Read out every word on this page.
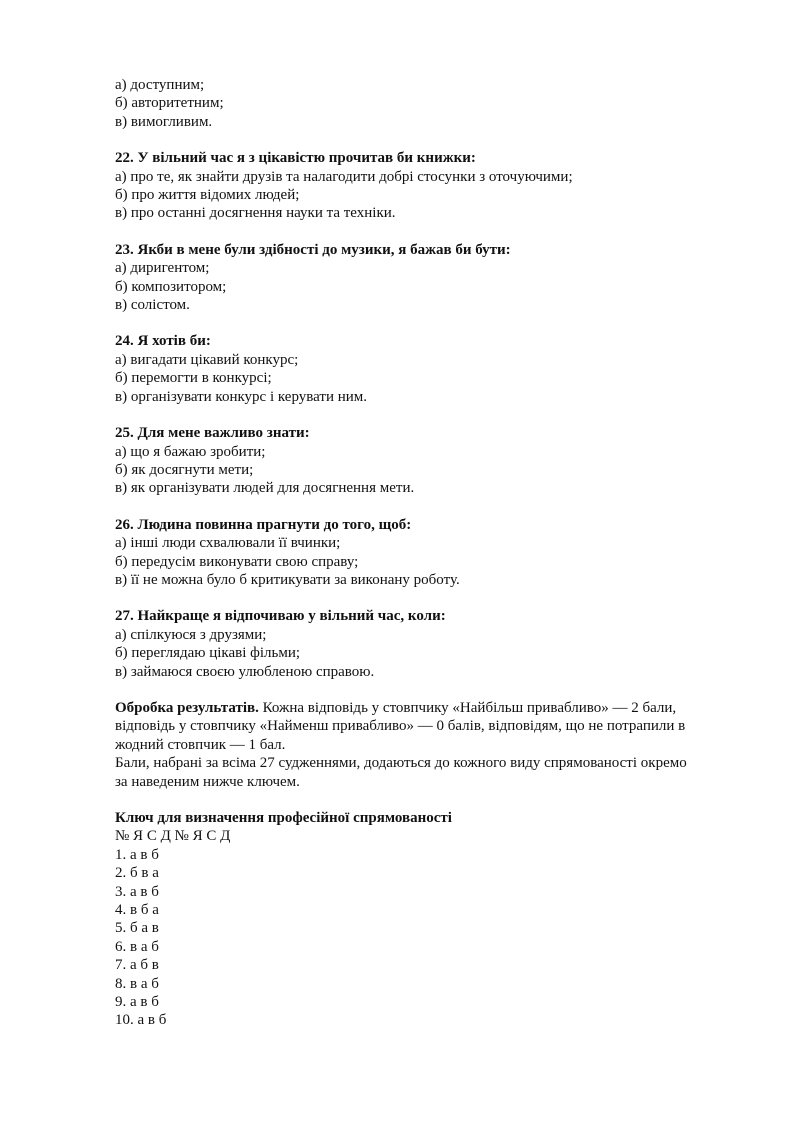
а) доступним;
б) авторитетним;
в) вимогливим.
22. У вільний час я з цікавістю прочитав би книжки:
а) про те, як знайти друзів та налагодити добрі стосунки з оточуючими;
б) про життя відомих людей;
в) про останні досягнення науки та техніки.
23. Якби в мене були здібності до музики, я бажав би бути:
а) диригентом;
б) композитором;
в) солістом.
24. Я хотів би:
а) вигадати цікавий конкурс;
б) перемогти в конкурсі;
в) організувати конкурс і керувати ним.
25. Для мене важливо знати:
а) що я бажаю зробити;
б) як досягнути мети;
в) як організувати людей для досягнення мети.
26. Людина повинна прагнути до того, щоб:
а) інші люди схвалювали її вчинки;
б) передусім виконувати свою справу;
в) її не можна було б критикувати за виконану роботу.
27. Найкраще я відпочиваю у вільний час, коли:
а) спілкуюся з друзями;
б) переглядаю цікаві фільми;
в) займаюся своєю улюбленою справою.
Обробка результатів. Кожна відповідь у стовпчику «Найбільш привабливо» — 2 бали,
відповідь у стовпчику «Найменш привабливо» — 0 балів, відповідям, що не потрапили в
жодний стовпчик — 1 бал.
Бали, набрані за всіма 27 судженнями, додаються до кожного виду спрямованості окремо
за наведеним нижче ключем.
Ключ для визначення професійної спрямованості
№ Я С Д № Я С Д
1. а в б
2. б в а
3. а в б
4. в б а
5. б а в
6. в а б
7. а б в
8. в а б
9. а в б
10. а в б
